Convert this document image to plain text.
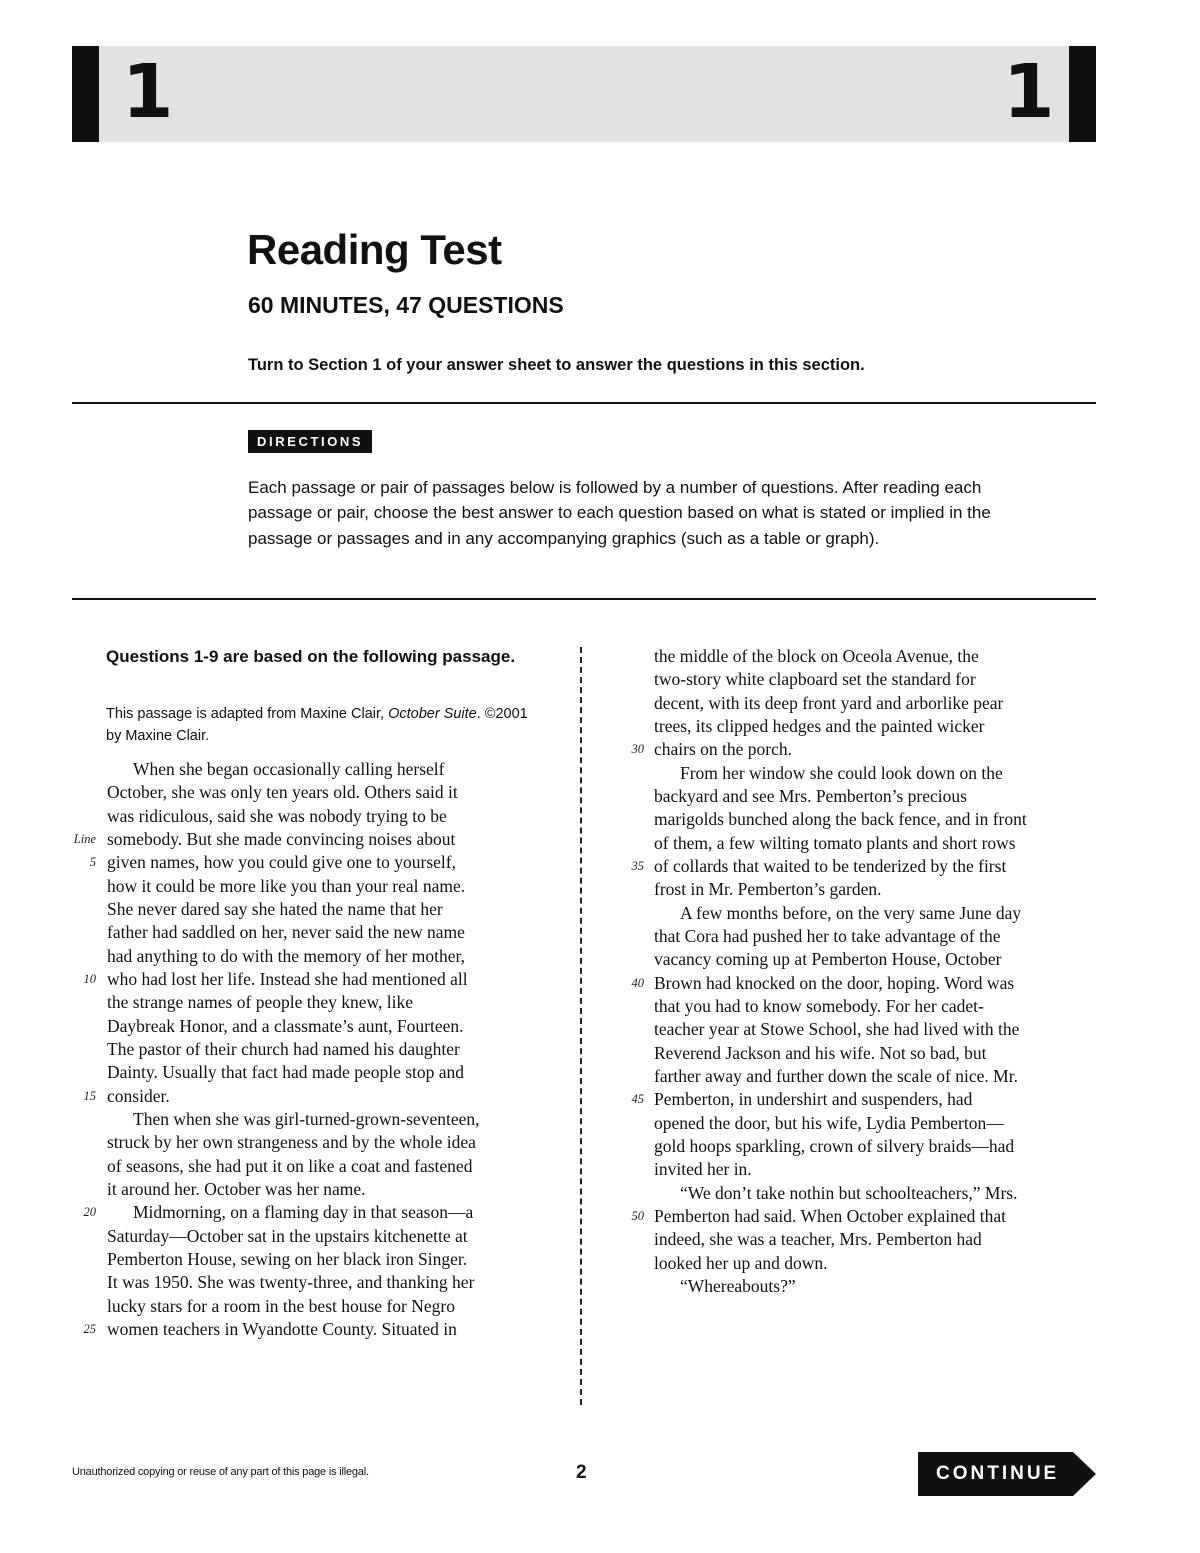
1	1
Reading Test
60 MINUTES, 47 QUESTIONS

Turn to Section 1 of your answer sheet to answer the questions in this section.

DIRECTIONS

Each passage or pair of passages below is followed by a number of questions. After reading each passage or pair, choose the best answer to each question based on what is stated or implied in the passage or passages and in any accompanying graphics (such as a table or graph).

Questions 1-9 are based on the following passage.

This passage is adapted from Maxine Clair, October Suite. ©2001 by Maxine Clair.

When she began occasionally calling herself
October, she was only ten years old. Others said it
was ridiculous, said she was nobody trying to be
somebody. But she made convincing noises about
given names, how you could give one to yourself,
how it could be more like you than your real name.
She never dared say she hated the name that her
father had saddled on her, never said the new name
had anything to do with the memory of her mother,
who had lost her life. Instead she had mentioned all
the strange names of people they knew, like
Daybreak Honor, and a classmate’s aunt, Fourteen.
The pastor of their church had named his daughter
Dainty. Usually that fact had made people stop and
consider.
Then when she was girl-turned-grown-seventeen,
struck by her own strangeness and by the whole idea
of seasons, she had put it on like a coat and fastened
it around her. October was her name.
Midmorning, on a flaming day in that season—a
Saturday—October sat in the upstairs kitchenette at
Pemberton House, sewing on her black iron Singer.
It was 1950. She was twenty-three, and thanking her
lucky stars for a room in the best house for Negro
women teachers in Wyandotte County. Situated in
Line
5
10
15
20
25
the middle of the block on Oceola Avenue, the
two-story white clapboard set the standard for
decent, with its deep front yard and arborlike pear
trees, its clipped hedges and the painted wicker
chairs on the porch.
From her window she could look down on the
backyard and see Mrs. Pemberton’s precious
marigolds bunched along the back fence, and in front
of them, a few wilting tomato plants and short rows
of collards that waited to be tenderized by the first
frost in Mr. Pemberton’s garden.
A few months before, on the very same June day
that Cora had pushed her to take advantage of the
vacancy coming up at Pemberton House, October
Brown had knocked on the door, hoping. Word was
that you had to know somebody. For her cadet-
teacher year at Stowe School, she had lived with the
Reverend Jackson and his wife. Not so bad, but
farther away and further down the scale of nice. Mr.
Pemberton, in undershirt and suspenders, had
opened the door, but his wife, Lydia Pemberton—
gold hoops sparkling, crown of silvery braids—had
invited her in.
“We don’t take nothin but schoolteachers,” Mrs.
Pemberton had said. When October explained that
indeed, she was a teacher, Mrs. Pemberton had
looked her up and down.
“Whereabouts?”
30
35
40
45
50
Unauthorized copying or reuse of any part of this page is illegal.	2	CONTINUE
